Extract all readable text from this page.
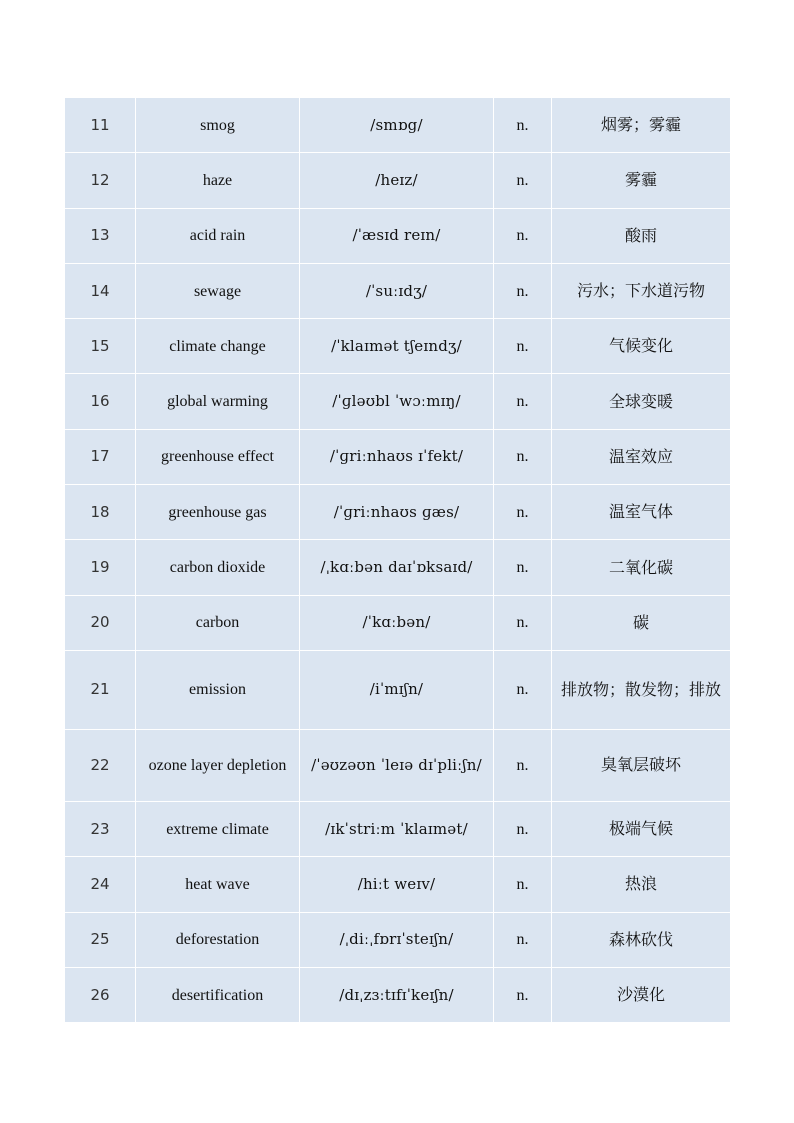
11	smog	/smɒg/	n.	烟雾；雾霾
12	haze	/heɪz/	n.	雾霾
13	acid rain	/ˈæsɪd reɪn/	n.	酸雨
14	sewage	/ˈsuːɪdʒ/	n.	污水；下水道污物
15	climate change	/ˈklaɪmət tʃeɪndʒ/	n.	气候变化
16	global warming	/ˈɡləʊbl ˈwɔːmɪŋ/	n.	全球变暖
17	greenhouse effect	/ˈɡriːnhaʊs ɪˈfekt/	n.	温室效应
18	greenhouse gas	/ˈɡriːnhaʊs ɡæs/	n.	温室气体
19	carbon dioxide	/ˌkɑːbən daɪˈɒksaɪd/	n.	二氧化碳
20	carbon	/ˈkɑːbən/	n.	碳
21	emission	/iˈmɪʃn/	n.	排放物；散发物；排放
22	ozone layer depletion	/ˈəʊzəʊn ˈleɪə dɪˈpliːʃn/	n.	臭氧层破坏
23	extreme climate	/ɪkˈstriːm ˈklaɪmət/	n.	极端气候
24	heat wave	/hiːt weɪv/	n.	热浪
25	deforestation	/ˌdiːˌfɒrɪˈsteɪʃn/	n.	森林砍伐
26	desertification	/dɪˌzɜːtɪfɪˈkeɪʃn/	n.	沙漠化
